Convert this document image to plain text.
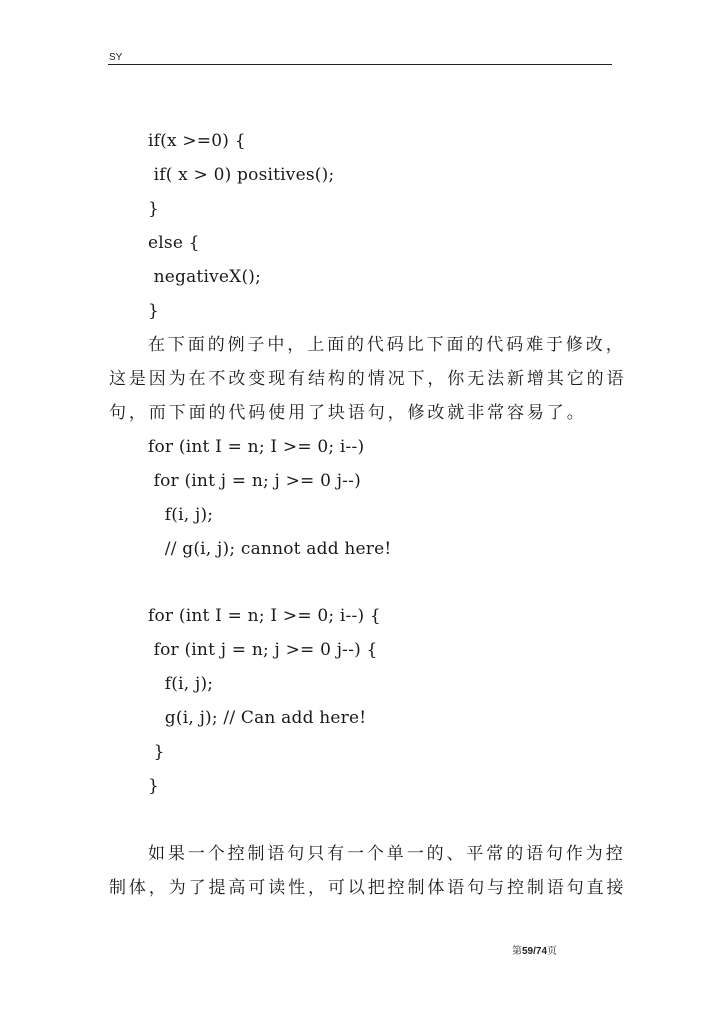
SY
if(x >=0) {
if( x > 0) positives();
}
else {
negativeX();
}
在下面的例子中，上面的代码比下面的代码难于修改，
这是因为在不改变现有结构的情况下，你无法新增其它的语
句，而下面的代码使用了块语句，修改就非常容易了。
for (int I = n; I >= 0; i--)
for (int j = n; j >= 0 j--)
f(i, j);
// g(i, j); cannot add here!
for (int I = n; I >= 0; i--) {
for (int j = n; j >= 0 j--) {
f(i, j);
g(i, j); // Can add here!
}
}
如果一个控制语句只有一个单一的、平常的语句作为控
制体，为了提高可读性，可以把控制体语句与控制语句直接
第59/74页
